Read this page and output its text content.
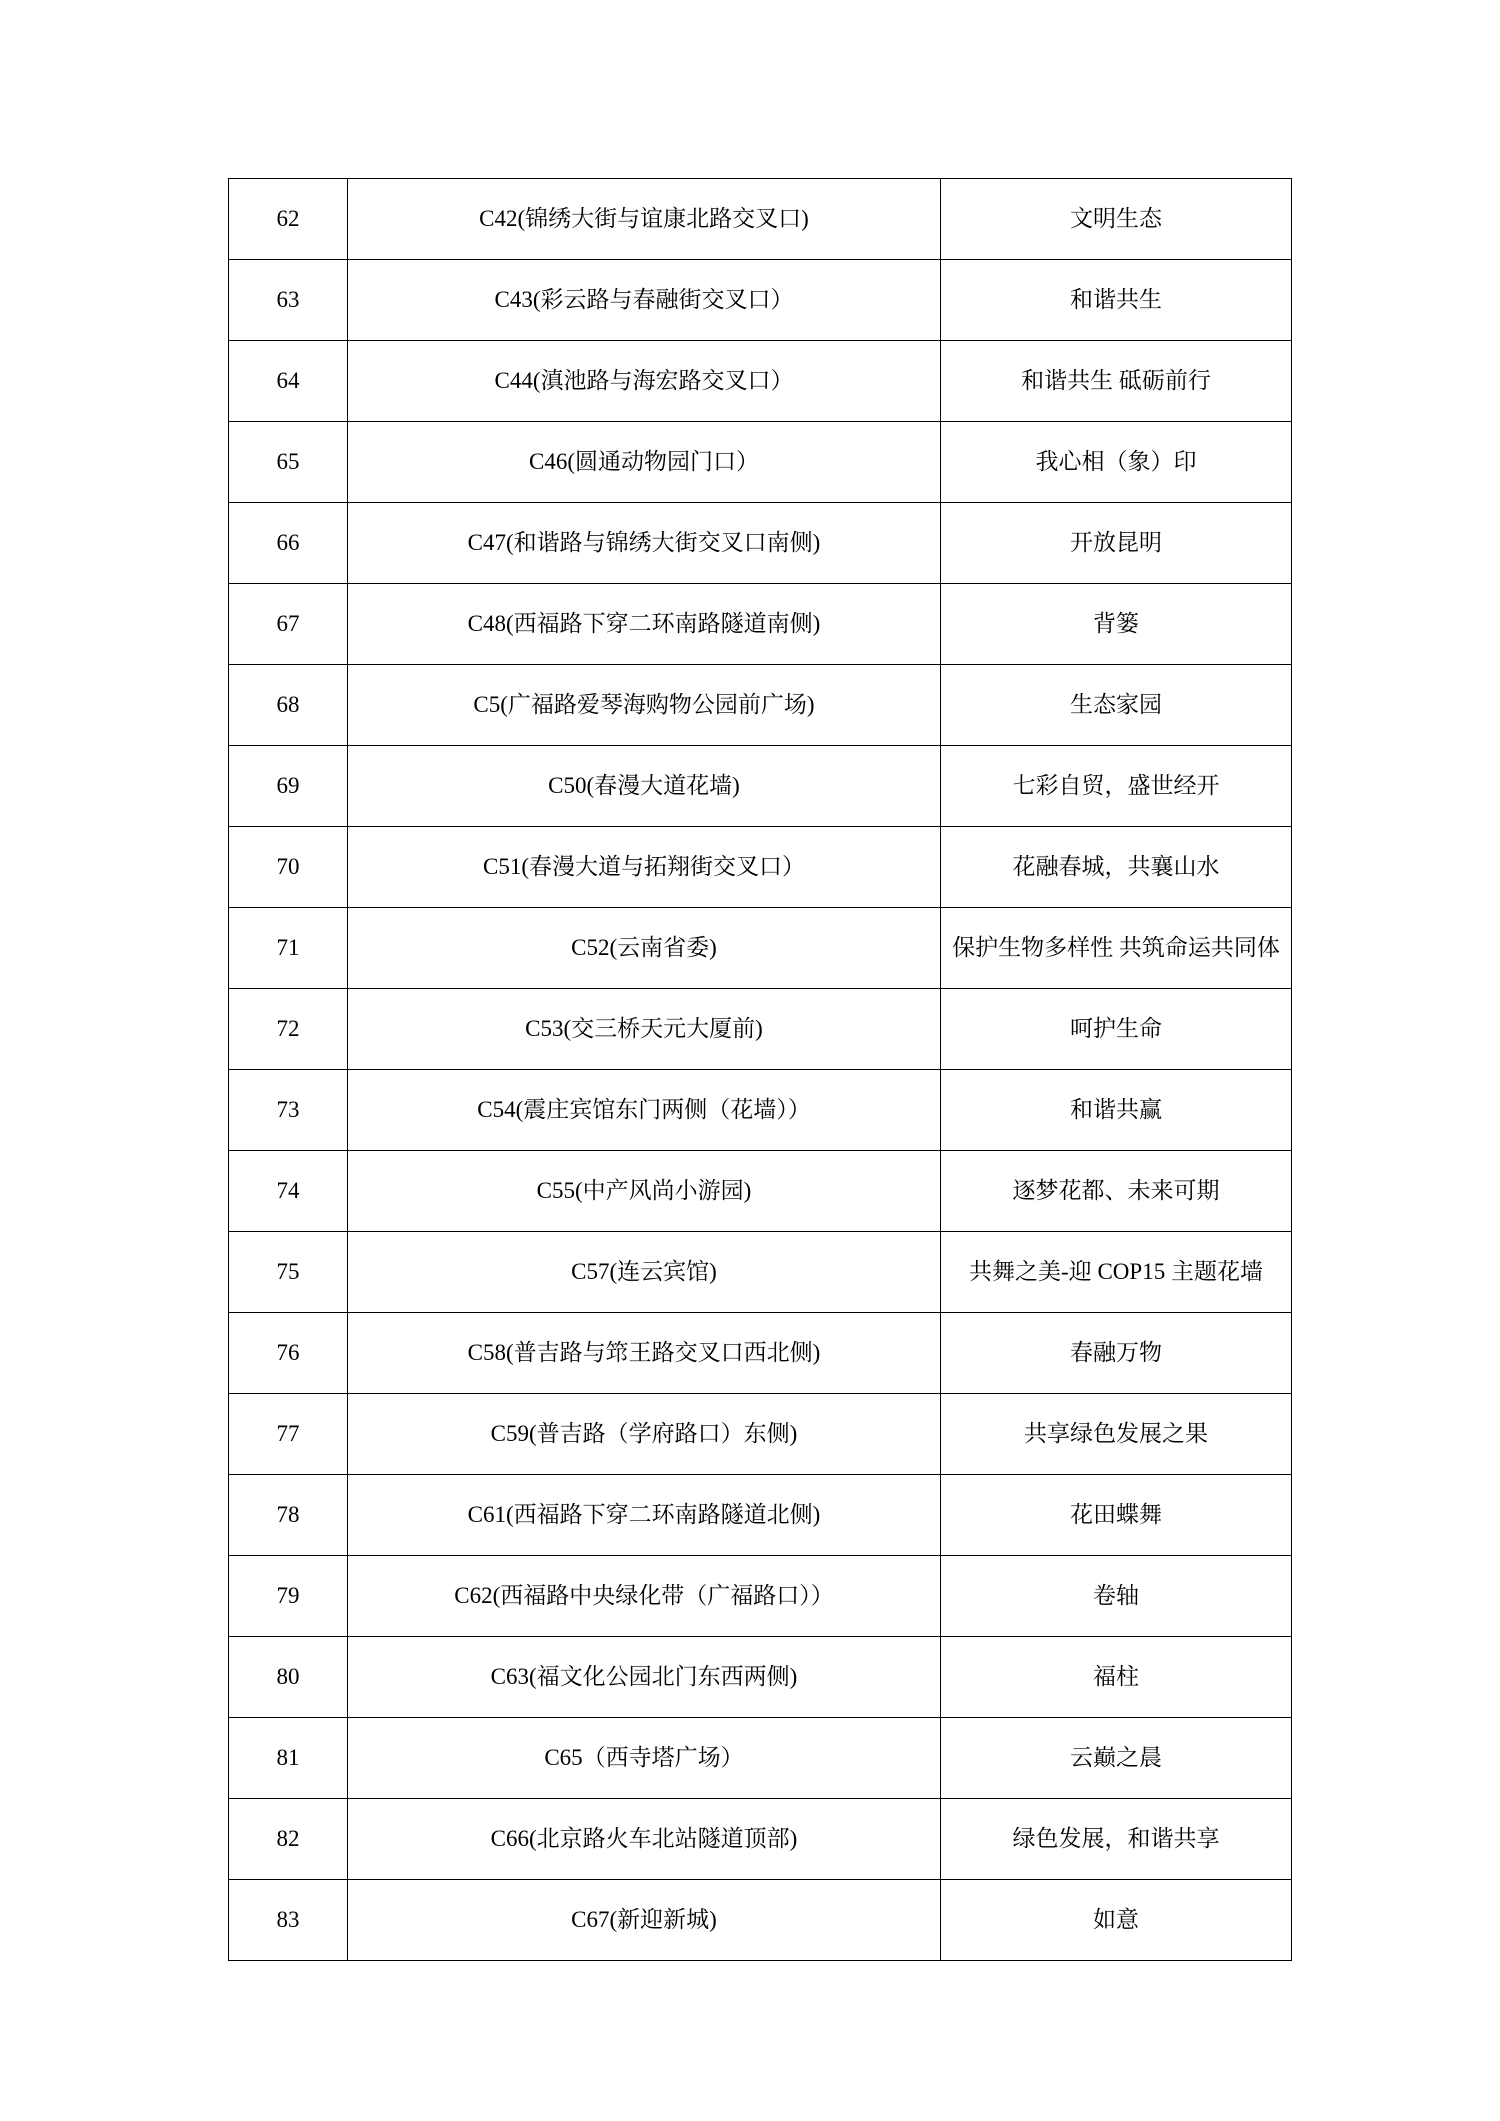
62	C42(锦绣大街与谊康北路交叉口)	文明生态

63	C43(彩云路与春融街交叉口）	和谐共生

64	C44(滇池路与海宏路交叉口）	和谐共生 砥砺前行

65	C46(圆通动物园门口）	我心相（象）印

66	C47(和谐路与锦绣大街交叉口南侧)	开放昆明

67	C48(西福路下穿二环南路隧道南侧)	背篓

68	C5(广福路爱琴海购物公园前广场)	生态家园

69	C50(春漫大道花墙)	七彩自贸，盛世经开

70	C51(春漫大道与拓翔街交叉口）	花融春城，共襄山水

71	C52(云南省委)	保护生物多样性 共筑命运共同体

72	C53(交三桥天元大厦前)	呵护生命

73	C54(震庄宾馆东门两侧（花墙））	和谐共赢

74	C55(中产风尚小游园)	逐梦花都、未来可期

75	C57(连云宾馆)	共舞之美-迎 COP15 主题花墙

76	C58(普吉路与筇王路交叉口西北侧)	春融万物

77	C59(普吉路（学府路口）东侧)	共享绿色发展之果

78	C61(西福路下穿二环南路隧道北侧)	花田蝶舞

79	C62(西福路中央绿化带（广福路口））	卷轴

80	C63(福文化公园北门东西两侧)	福柱

81	C65（西寺塔广场）	云巅之晨

82	C66(北京路火车北站隧道顶部)	绿色发展，和谐共享

83	C67(新迎新城)	如意
